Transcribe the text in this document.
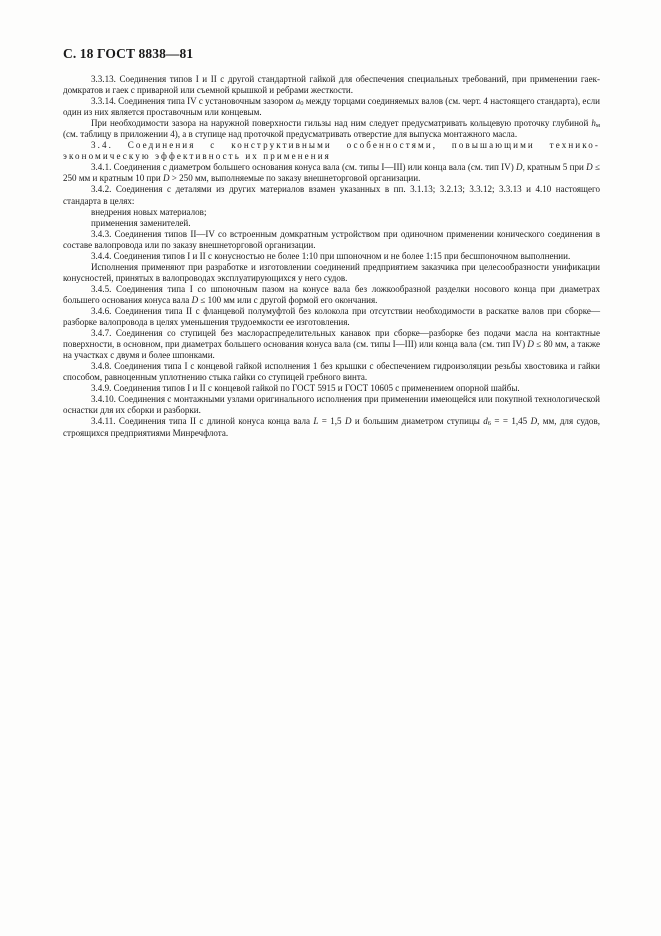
С. 18 ГОСТ 8838—81

3.3.13. Соединения типов I и II с другой стандартной гайкой для обеспечения специальных требований, при применении гаек-домкратов и гаек с приварной или съемной крышкой и ребрами жесткости.

3.3.14. Соединения типа IV с установочным зазором $a_0$ между торцами соединяемых валов (см. черт. 4 настоящего стандарта), если один из них является проставочным или концевым.

При необходимости зазора на наружной поверхности гильзы над ним следует предусматривать кольцевую проточку глубиной $h_м$ (см. таблицу в приложении 4), а в ступице над проточкой предусматривать отверстие для выпуска монтажного масла.

3.4. Соединения с конструктивными особенностями, повышающими технико-экономическую эффективность их применения

3.4.1. Соединения с диаметром большего основания конуса вала (см. типы I—III) или конца вала (см. тип IV) D, кратным 5 при D ≤ 250 мм и кратным 10 при D > 250 мм, выполняемые по заказу внешнеторговой организации.

3.4.2. Соединения с деталями из других материалов взамен указанных в пп. 3.1.13; 3.2.13; 3.3.12; 3.3.13 и 4.10 настоящего стандарта в целях:

внедрения новых материалов;

применения заменителей.

3.4.3. Соединения типов II—IV со встроенным домкратным устройством при одиночном применении конического соединения в составе валопровода или по заказу внешнеторговой организации.

3.4.4. Соединения типов I и II с конусностью не более 1:10 при шпоночном и не более 1:15 при бесшпоночном выполнении.

Исполнения применяют при разработке и изготовлении соединений предприятием заказчика при целесообразности унификации конусностей, принятых в валопроводах эксплуатирующихся у него судов.

3.4.5. Соединения типа I со шпоночным пазом на конусе вала без ложкообразной разделки носового конца при диаметрах большего основания конуса вала D ≤ 100 мм или с другой формой его окончания.

3.4.6. Соединения типа II с фланцевой полумуфтой без колокола при отсутствии необходимости в раскатке валов при сборке—разборке валопровода в целях уменьшения трудоемкости ее изготовления.

3.4.7. Соединения со ступицей без маслораспределительных канавок при сборке—разборке без подачи масла на контактные поверхности, в основном, при диаметрах большего основания конуса вала (см. типы I—III) или конца вала (см. тип IV) D ≤ 80 мм, а также на участках с двумя и более шпонками.

3.4.8. Соединения типа I с концевой гайкой исполнения 1 без крышки с обеспечением гидроизоляции резьбы хвостовика и гайки способом, равноценным уплотнению стыка гайки со ступицей гребного винта.

3.4.9. Соединения типов I и II с концевой гайкой по ГОСТ 5915 и ГОСТ 10605 с применением опорной шайбы.

3.4.10. Соединения с монтажными узлами оригинального исполнения при применении имеющейся или покупной технологической оснастки для их сборки и разборки.

3.4.11. Соединения типа II с длиной конуса конца вала L = 1,5 D и большим диаметром ступицы $d_6$ = = 1,45 D, мм, для судов, строящихся предприятиями Минречфлота.
